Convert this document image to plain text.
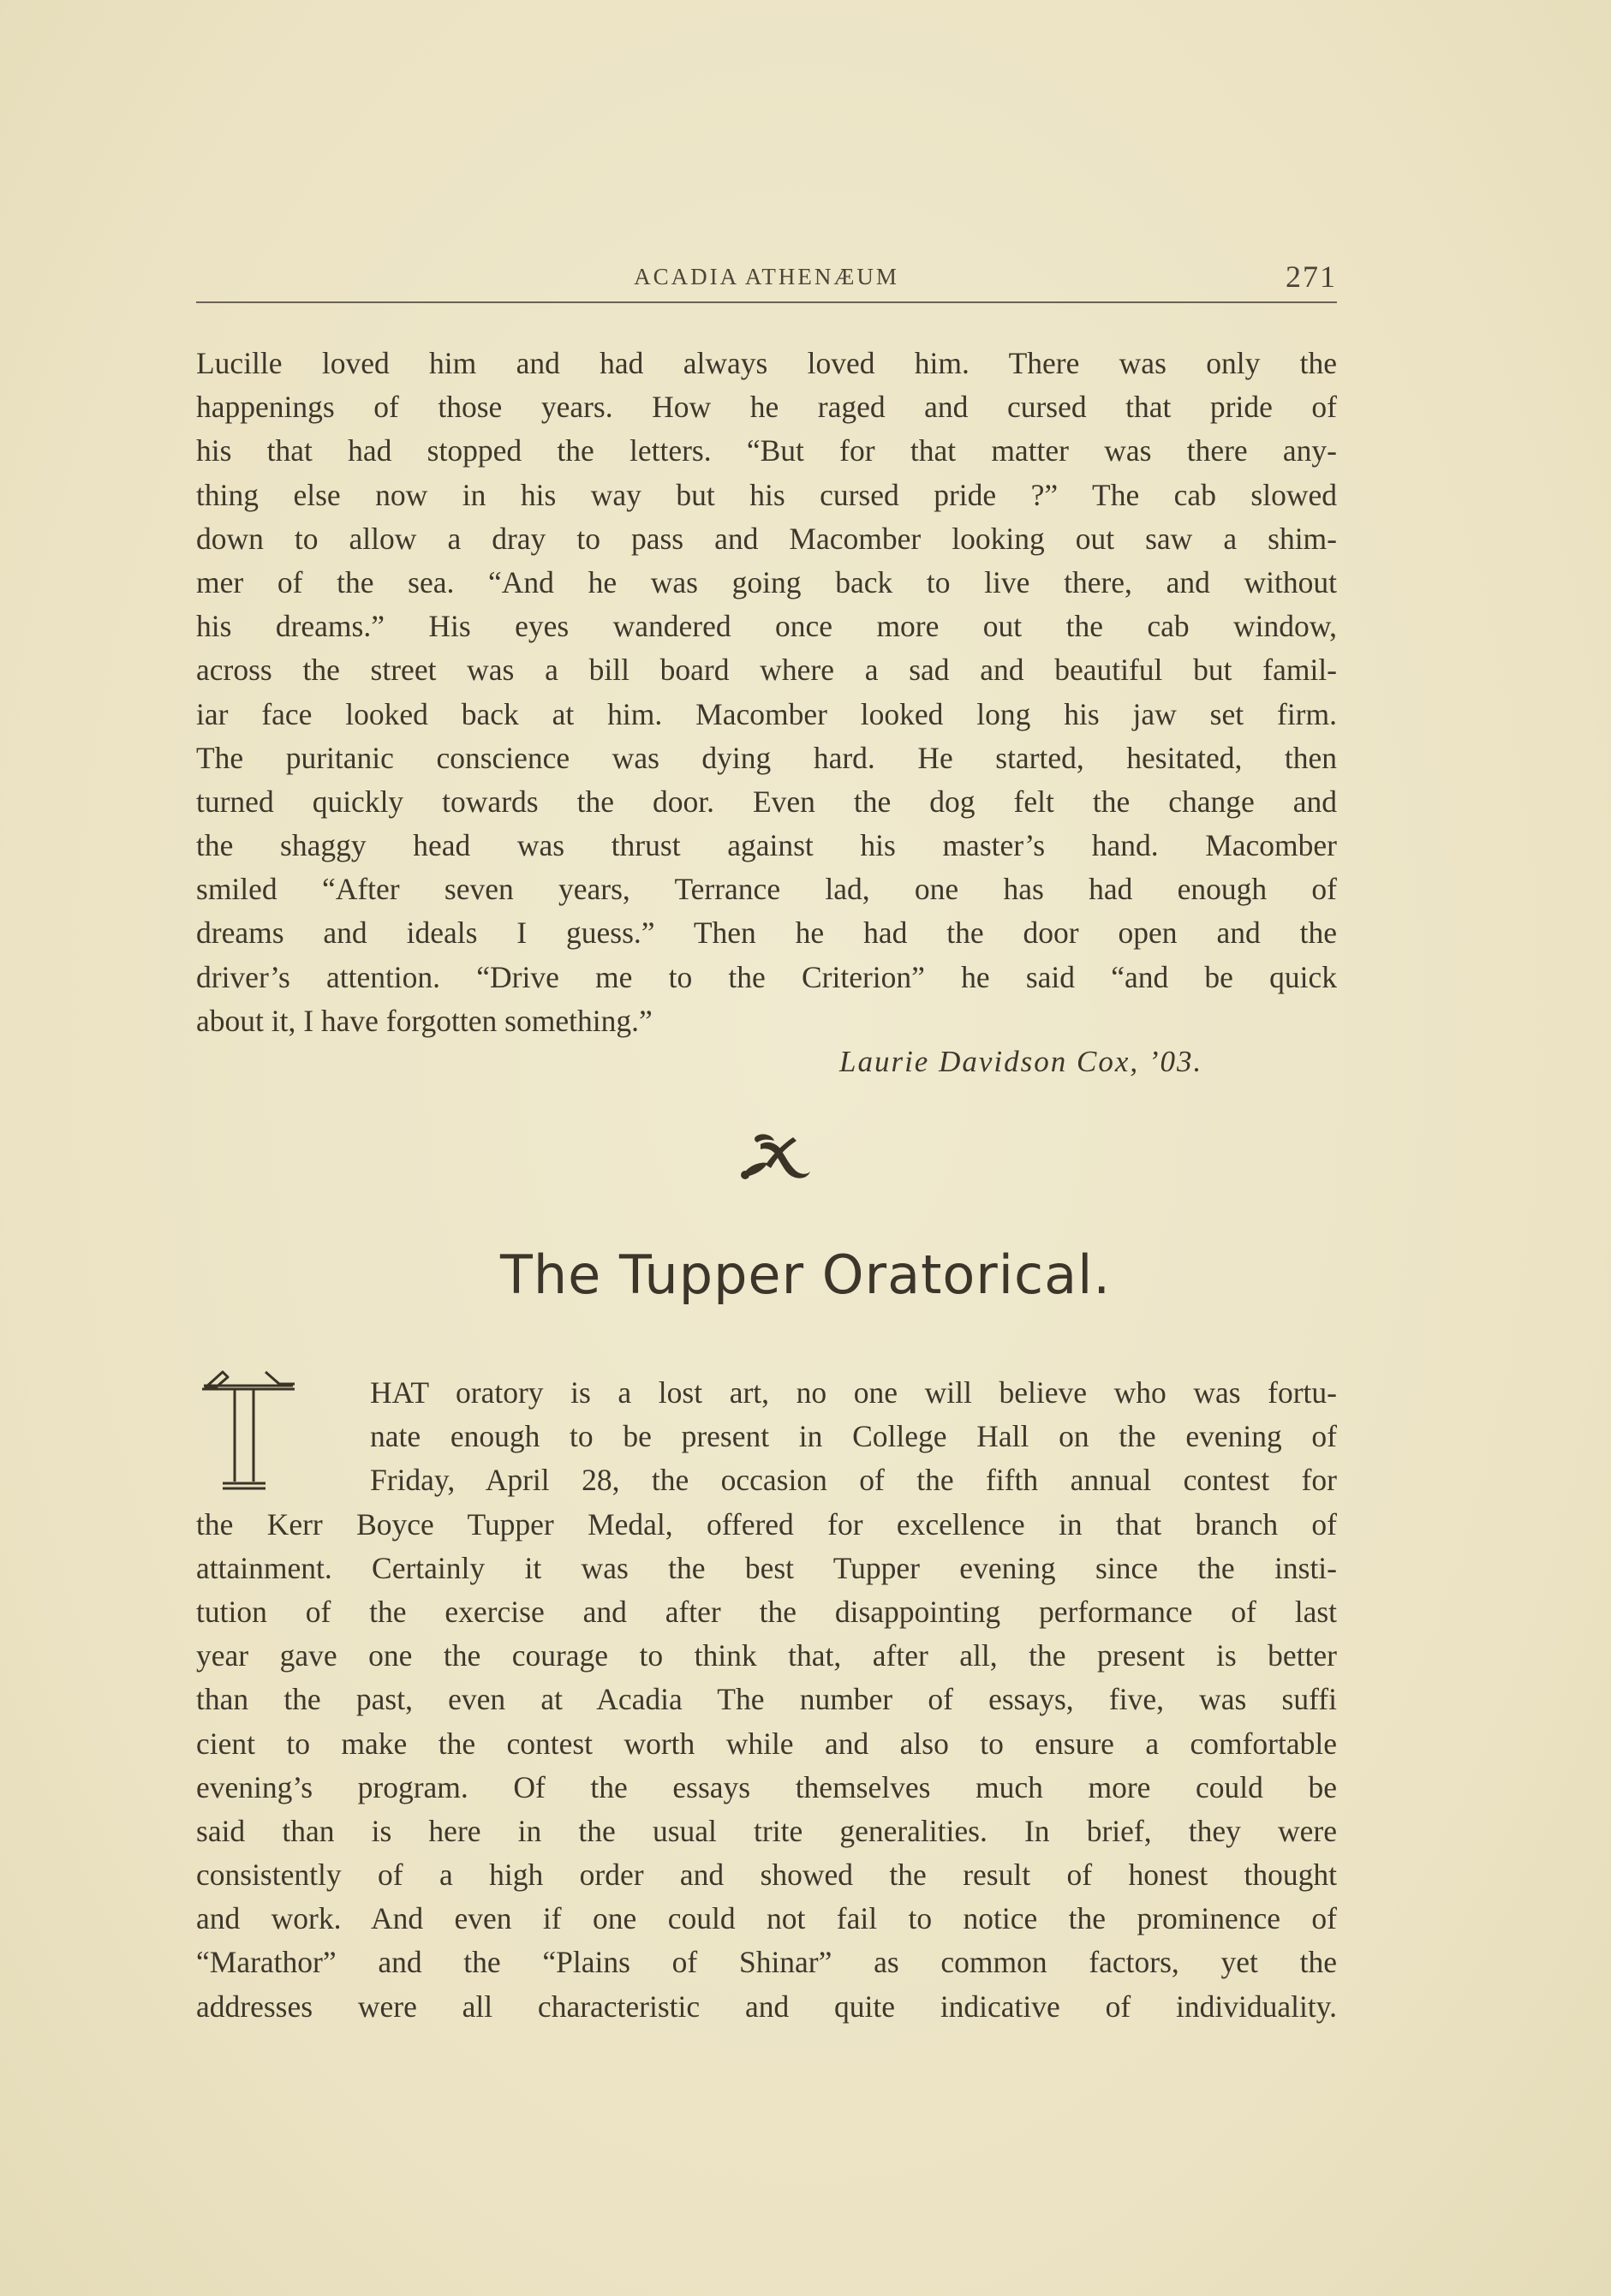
ACADIA ATHENÆUM	271
Lucille loved him and had always loved him. There was only the
happenings of those years. How he raged and cursed that pride of
his that had stopped the letters. “But for that matter was there any-
thing else now in his way but his cursed pride ?” The cab slowed
down to allow a dray to pass and Macomber looking out saw a shim-
mer of the sea. “And he was going back to live there, and without
his dreams.” His eyes wandered once more out the cab window,
across the street was a bill board where a sad and beautiful but famil-
iar face looked back at him. Macomber looked long his jaw set firm.
The puritanic conscience was dying hard. He started, hesitated, then
turned quickly towards the door. Even the dog felt the change and
the shaggy head was thrust against his master’s hand. Macomber
smiled “After seven years, Terrance lad, one has had enough of
dreams and ideals I guess.” Then he had the door open and the
driver’s attention. “Drive me to the Criterion” he said “and be quick
about it, I have forgotten something.”
Laurie Davidson Cox, ’03.
The Tupper Oratorical.
T	HAT oratory is a lost art, no one will believe who was fortu-
nate enough to be present in College Hall on the evening of
Friday, April 28, the occasion of the fifth annual contest for
the Kerr Boyce Tupper Medal, offered for excellence in that branch of
attainment. Certainly it was the best Tupper evening since the insti-
tution of the exercise and after the disappointing performance of last
year gave one the courage to think that, after all, the present is better
than the past, even at Acadia The number of essays, five, was suffi
cient to make the contest worth while and also to ensure a comfortable
evening’s program. Of the essays themselves much more could be
said than is here in the usual trite generalities. In brief, they were
consistently of a high order and showed the result of honest thought
and work. And even if one could not fail to notice the prominence of
“Marathor” and the “Plains of Shinar” as common factors, yet the
addresses were all characteristic and quite indicative of individuality.
